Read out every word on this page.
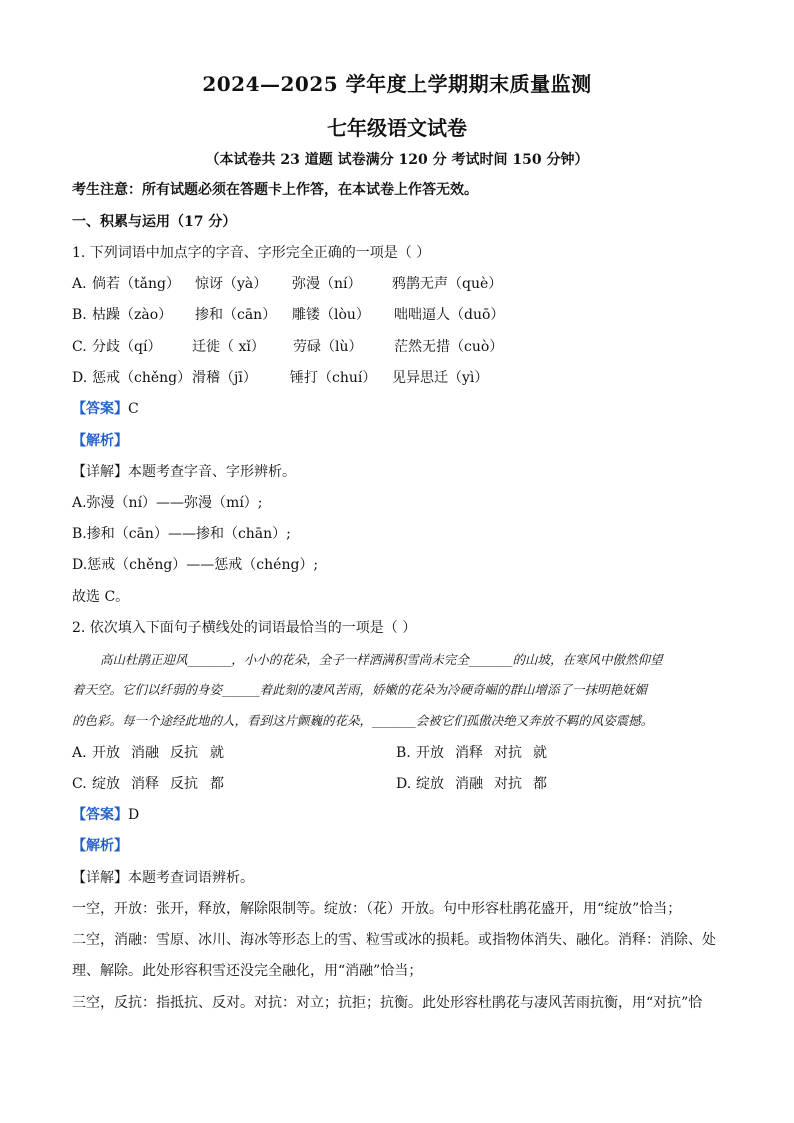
2024—2025 学年度上学期期末质量监测
七年级语文试卷
（本试卷共 23 道题 试卷满分 120 分 考试时间 150 分钟）
考生注意：所有试题必须在答题卡上作答，在本试卷上作答无效。
一、积累与运用（17 分）
1. 下列词语中加点字的字音、字形完全正确的一项是（ ）
A. 倘若（tǎng） 惊讶（yà） 弥漫（ní） 鸦鹊无声（què）
B. 枯躁（zào） 掺和（cān） 雕镂（lòu） 咄咄逼人（duō）
C. 分歧（qí） 迁徙（ xǐ） 劳碌（lù） 茫然无措（cuò）
D. 惩戒（chěng） 滑稽（jī） 锤打（chuí） 见异思迁（yì）
【答案】C
【解析】
【详解】本题考查字音、字形辨析。
A.弥漫（ní）——弥漫（mí）;
B.掺和（cān）——掺和（chān）;
D.惩戒（chěng）——惩戒（chéng）;
故选 C。
2. 依次填入下面句子横线处的词语最恰当的一项是（ ）
高山杜鹃正迎风_______，小小的花朵，全子一样洒满积雪尚未完全_______的山坡，在寒风中傲然仰望
着天空。它们以纤弱的身姿______着此刻的凄风苦雨，娇嫩的花朵为冷硬奇崛的群山增添了一抹明艳妩媚
的色彩。每一个途经此地的人，看到这片颤巍的花朵，_______会被它们孤傲决绝又奔放不羁的风姿震撼。
A. 开放 消融 反抗 就	B. 开放 消释 对抗 就
C. 绽放 消释 反抗 都	D. 绽放 消融 对抗 都
【答案】D
【解析】
【详解】本题考查词语辨析。
一空，开放：张开，释放，解除限制等。绽放：（花）开放。句中形容杜鹃花盛开，用“绽放”恰当；
二空，消融：雪原、冰川、海冰等形态上的雪、粒雪或冰的损耗。或指物体消失、融化。消释：消除、处
理、解除。此处形容积雪还没完全融化，用“消融”恰当；
三空，反抗：指抵抗、反对。对抗：对立；抗拒；抗衡。此处形容杜鹃花与凄风苦雨抗衡，用“对抗”恰
